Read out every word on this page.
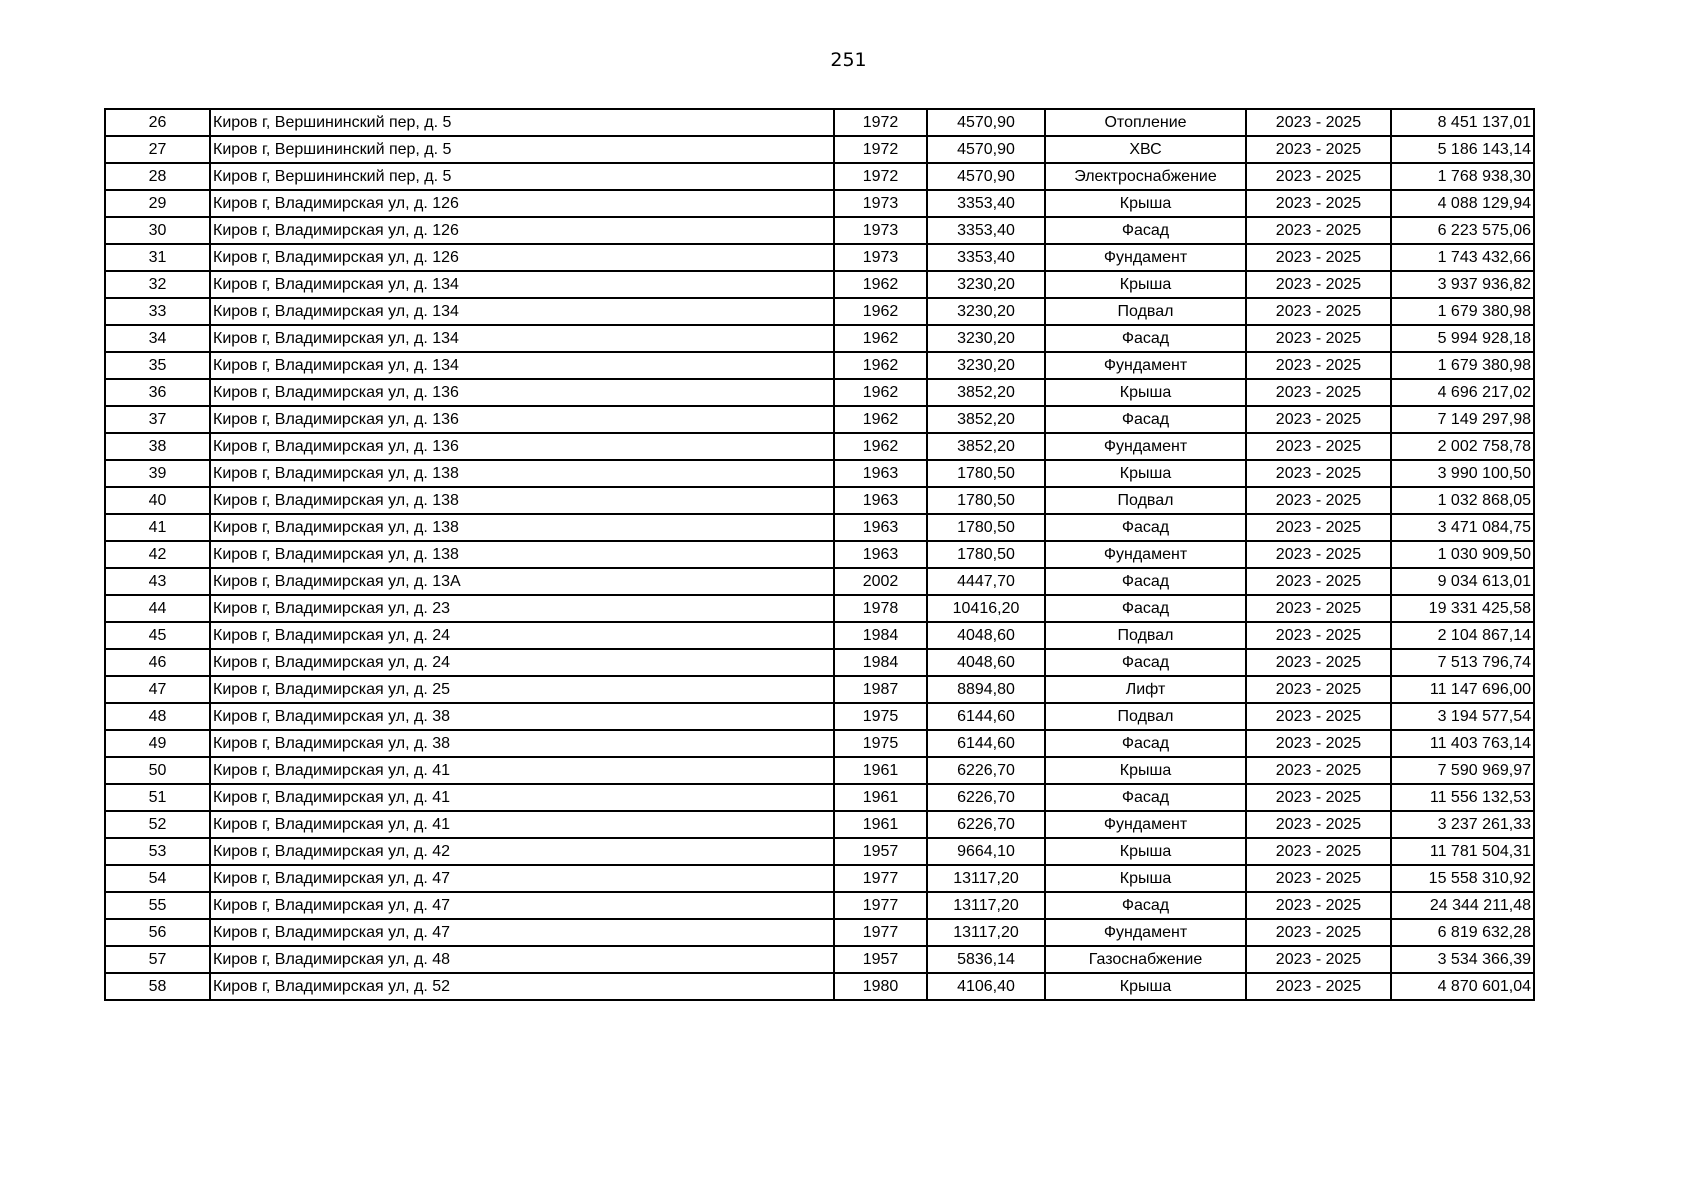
251
26	Киров г, Вершининский пер, д. 5	1972	4570,90	Отопление	2023 - 2025	8 451 137,01
27	Киров г, Вершининский пер, д. 5	1972	4570,90	ХВС	2023 - 2025	5 186 143,14
28	Киров г, Вершининский пер, д. 5	1972	4570,90	Электроснабжение	2023 - 2025	1 768 938,30
29	Киров г, Владимирская ул, д. 126	1973	3353,40	Крыша	2023 - 2025	4 088 129,94
30	Киров г, Владимирская ул, д. 126	1973	3353,40	Фасад	2023 - 2025	6 223 575,06
31	Киров г, Владимирская ул, д. 126	1973	3353,40	Фундамент	2023 - 2025	1 743 432,66
32	Киров г, Владимирская ул, д. 134	1962	3230,20	Крыша	2023 - 2025	3 937 936,82
33	Киров г, Владимирская ул, д. 134	1962	3230,20	Подвал	2023 - 2025	1 679 380,98
34	Киров г, Владимирская ул, д. 134	1962	3230,20	Фасад	2023 - 2025	5 994 928,18
35	Киров г, Владимирская ул, д. 134	1962	3230,20	Фундамент	2023 - 2025	1 679 380,98
36	Киров г, Владимирская ул, д. 136	1962	3852,20	Крыша	2023 - 2025	4 696 217,02
37	Киров г, Владимирская ул, д. 136	1962	3852,20	Фасад	2023 - 2025	7 149 297,98
38	Киров г, Владимирская ул, д. 136	1962	3852,20	Фундамент	2023 - 2025	2 002 758,78
39	Киров г, Владимирская ул, д. 138	1963	1780,50	Крыша	2023 - 2025	3 990 100,50
40	Киров г, Владимирская ул, д. 138	1963	1780,50	Подвал	2023 - 2025	1 032 868,05
41	Киров г, Владимирская ул, д. 138	1963	1780,50	Фасад	2023 - 2025	3 471 084,75
42	Киров г, Владимирская ул, д. 138	1963	1780,50	Фундамент	2023 - 2025	1 030 909,50
43	Киров г, Владимирская ул, д. 13А	2002	4447,70	Фасад	2023 - 2025	9 034 613,01
44	Киров г, Владимирская ул, д. 23	1978	10416,20	Фасад	2023 - 2025	19 331 425,58
45	Киров г, Владимирская ул, д. 24	1984	4048,60	Подвал	2023 - 2025	2 104 867,14
46	Киров г, Владимирская ул, д. 24	1984	4048,60	Фасад	2023 - 2025	7 513 796,74
47	Киров г, Владимирская ул, д. 25	1987	8894,80	Лифт	2023 - 2025	11 147 696,00
48	Киров г, Владимирская ул, д. 38	1975	6144,60	Подвал	2023 - 2025	3 194 577,54
49	Киров г, Владимирская ул, д. 38	1975	6144,60	Фасад	2023 - 2025	11 403 763,14
50	Киров г, Владимирская ул, д. 41	1961	6226,70	Крыша	2023 - 2025	7 590 969,97
51	Киров г, Владимирская ул, д. 41	1961	6226,70	Фасад	2023 - 2025	11 556 132,53
52	Киров г, Владимирская ул, д. 41	1961	6226,70	Фундамент	2023 - 2025	3 237 261,33
53	Киров г, Владимирская ул, д. 42	1957	9664,10	Крыша	2023 - 2025	11 781 504,31
54	Киров г, Владимирская ул, д. 47	1977	13117,20	Крыша	2023 - 2025	15 558 310,92
55	Киров г, Владимирская ул, д. 47	1977	13117,20	Фасад	2023 - 2025	24 344 211,48
56	Киров г, Владимирская ул, д. 47	1977	13117,20	Фундамент	2023 - 2025	6 819 632,28
57	Киров г, Владимирская ул, д. 48	1957	5836,14	Газоснабжение	2023 - 2025	3 534 366,39
58	Киров г, Владимирская ул, д. 52	1980	4106,40	Крыша	2023 - 2025	4 870 601,04
